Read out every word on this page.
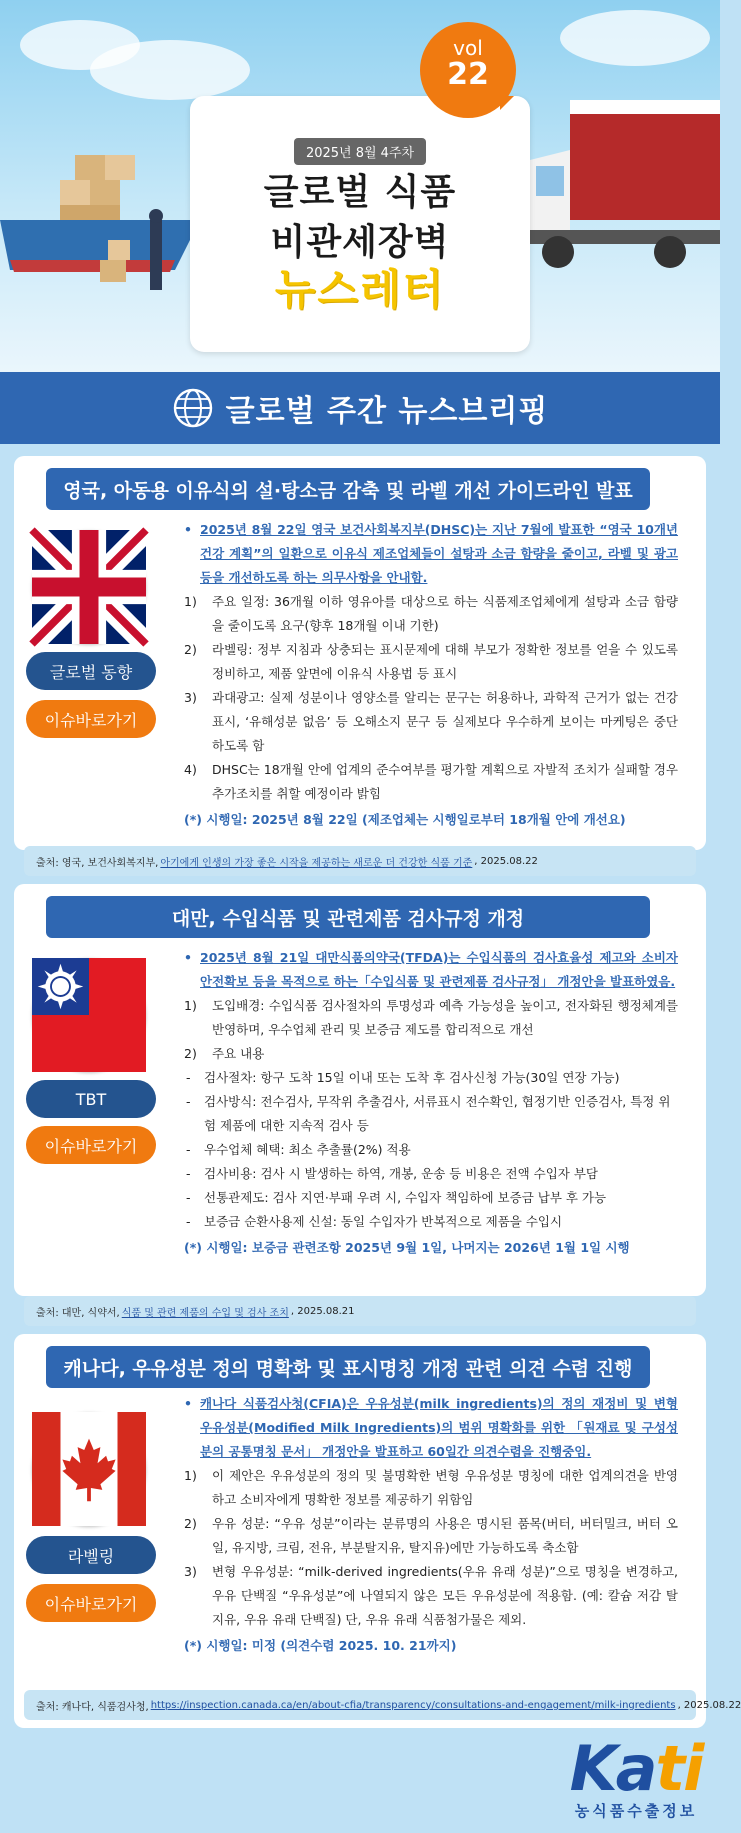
2025년 8월 4주차
글로벌 식품
비관세장벽
뉴스레터
vol
22
글로벌 주간 뉴스브리핑
영국, 아동용 이유식의 설·탕소금 감축 및 라벨 개선 가이드라인 발표
글로벌 동향
이슈바로가기
• 2025년 8월 22일 영국 보건사회복지부(DHSC)는 지난 7월에 발표한 “영국 10개년 건강 계획”의 일환으로 이유식 제조업체들이 설탕과 소금 함량을 줄이고, 라벨 및 광고 등을 개선하도록 하는 의무사항을 안내함.
1) 주요 일정: 36개월 이하 영유아를 대상으로 하는 식품제조업체에게 설탕과 소금 함량을 줄이도록 요구(향후 18개월 이내 기한)
2) 라벨링: 정부 지침과 상충되는 표시문제에 대해 부모가 정확한 정보를 얻을 수 있도록 정비하고, 제품 앞면에 이유식 사용법 등 표시
3) 과대광고: 실제 성분이나 영양소를 알리는 문구는 허용하나, 과학적 근거가 없는 건강표시, ‘유해성분 없음’ 등 오해소지 문구 등 실제보다 우수하게 보이는 마케팅은 중단하도록 함
4) DHSC는 18개월 안에 업계의 준수여부를 평가할 계획으로 자발적 조치가 실패할 경우 추가조치를 취할 예정이라 밝힘
(*) 시행일: 2025년 8월 22일 (제조업체는 시행일로부터 18개월 안에 개선요)
출처: 영국, 보건사회복지부, 아기에게 인생의 가장 좋은 시작을 제공하는 새로운 더 건강한 식품 기준 , 2025.08.22
대만, 수입식품 및 관련제품 검사규정 개정
TBT
이슈바로가기
• 2025년 8월 21일 대만식품의약국(TFDA)는 수입식품의 검사효율성 제고와 소비자 안전확보 등을 목적으로 하는「수입식품 및 관련제품 검사규정」 개정안을 발표하였음.
1) 도입배경: 수입식품 검사절차의 투명성과 예측 가능성을 높이고, 전자화된 행정체계를 반영하며, 우수업체 관리 및 보증금 제도를 합리적으로 개선
2) 주요 내용
- 검사절차: 항구 도착 15일 이내 또는 도착 후 검사신청 가능(30일 연장 가능)
- 검사방식: 전수검사, 무작위 추출검사, 서류표시 전수확인, 협정기반 인증검사, 특정 위험 제품에 대한 지속적 검사 등
- 우수업체 혜택: 최소 추출률(2%) 적용
- 검사비용: 검사 시 발생하는 하역, 개봉, 운송 등 비용은 전액 수입자 부담
- 선통관제도: 검사 지연·부패 우려 시, 수입자 책임하에 보증금 납부 후 가능
- 보증금 순환사용제 신설: 동일 수입자가 반복적으로 제품을 수입시
(*) 시행일: 보증금 관련조항 2025년 9월 1일, 나머지는 2026년 1월 1일 시행
출처: 대만, 식약서, 식품 및 관련 제품의 수입 및 검사 조치 , 2025.08.21
캐나다, 우유성분 정의 명확화 및 표시명칭 개정 관련 의견 수렴 진행
라벨링
이슈바로가기
• 캐나다 식품검사청(CFIA)은 우유성분(milk ingredients)의 정의 재정비 및 변형 우유성분(Modified Milk Ingredients)의 범위 명확화를 위한 「원재료 및 구성성분의 공통명칭 문서」 개정안을 발표하고 60일간 의견수렴을 진행중임.
1) 이 제안은 우유성분의 정의 및 불명확한 변형 우유성분 명칭에 대한 업계의견을 반영하고 소비자에게 명확한 정보를 제공하기 위함임
2) 우유 성분: “우유 성분”이라는 분류명의 사용은 명시된 품목(버터, 버터밀크, 버터 오일, 유지방, 크림, 전유, 부분탈지유, 탈지유)에만 가능하도록 축소함
3) 변형 우유성분: “milk-derived ingredients(우유 유래 성분)”으로 명칭을 변경하고, 우유 단백질 “우유성분”에 나열되지 않은 모든 우유성분에 적용함. (예: 칼슘 저감 탈지유, 우유 유래 단백질) 단, 우유 유래 식품첨가물은 제외.
(*) 시행일: 미정 (의견수렴 2025. 10. 21까지)
출처: 캐나다, 식품검사청, https://inspection.canada.ca/en/about-cfia/transparency/consultations-and-engagement/milk-ingredients , 2025.08.22
Kati
농식품수출정보
